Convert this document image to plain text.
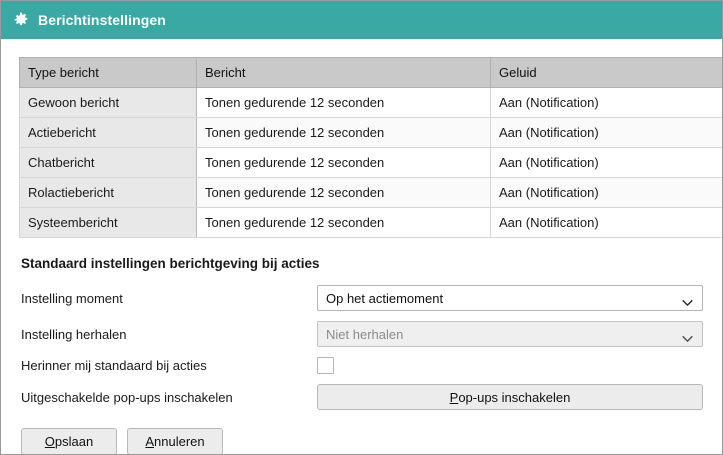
Berichtinstellingen
Type bericht	Bericht	Geluid
Gewoon bericht	Tonen gedurende 12 seconden	Aan (Notification)
Actiebericht	Tonen gedurende 12 seconden	Aan (Notification)
Chatbericht	Tonen gedurende 12 seconden	Aan (Notification)
Rolactiebericht	Tonen gedurende 12 seconden	Aan (Notification)
Systeembericht	Tonen gedurende 12 seconden	Aan (Notification)
Standaard instellingen berichtgeving bij acties
Instelling moment	Op het actiemoment
Instelling herhalen	Niet herhalen
Herinner mij standaard bij acties
Uitgeschakelde pop-ups inschakelen	P op-ups inschakelen
O pslaan	A nnuleren
